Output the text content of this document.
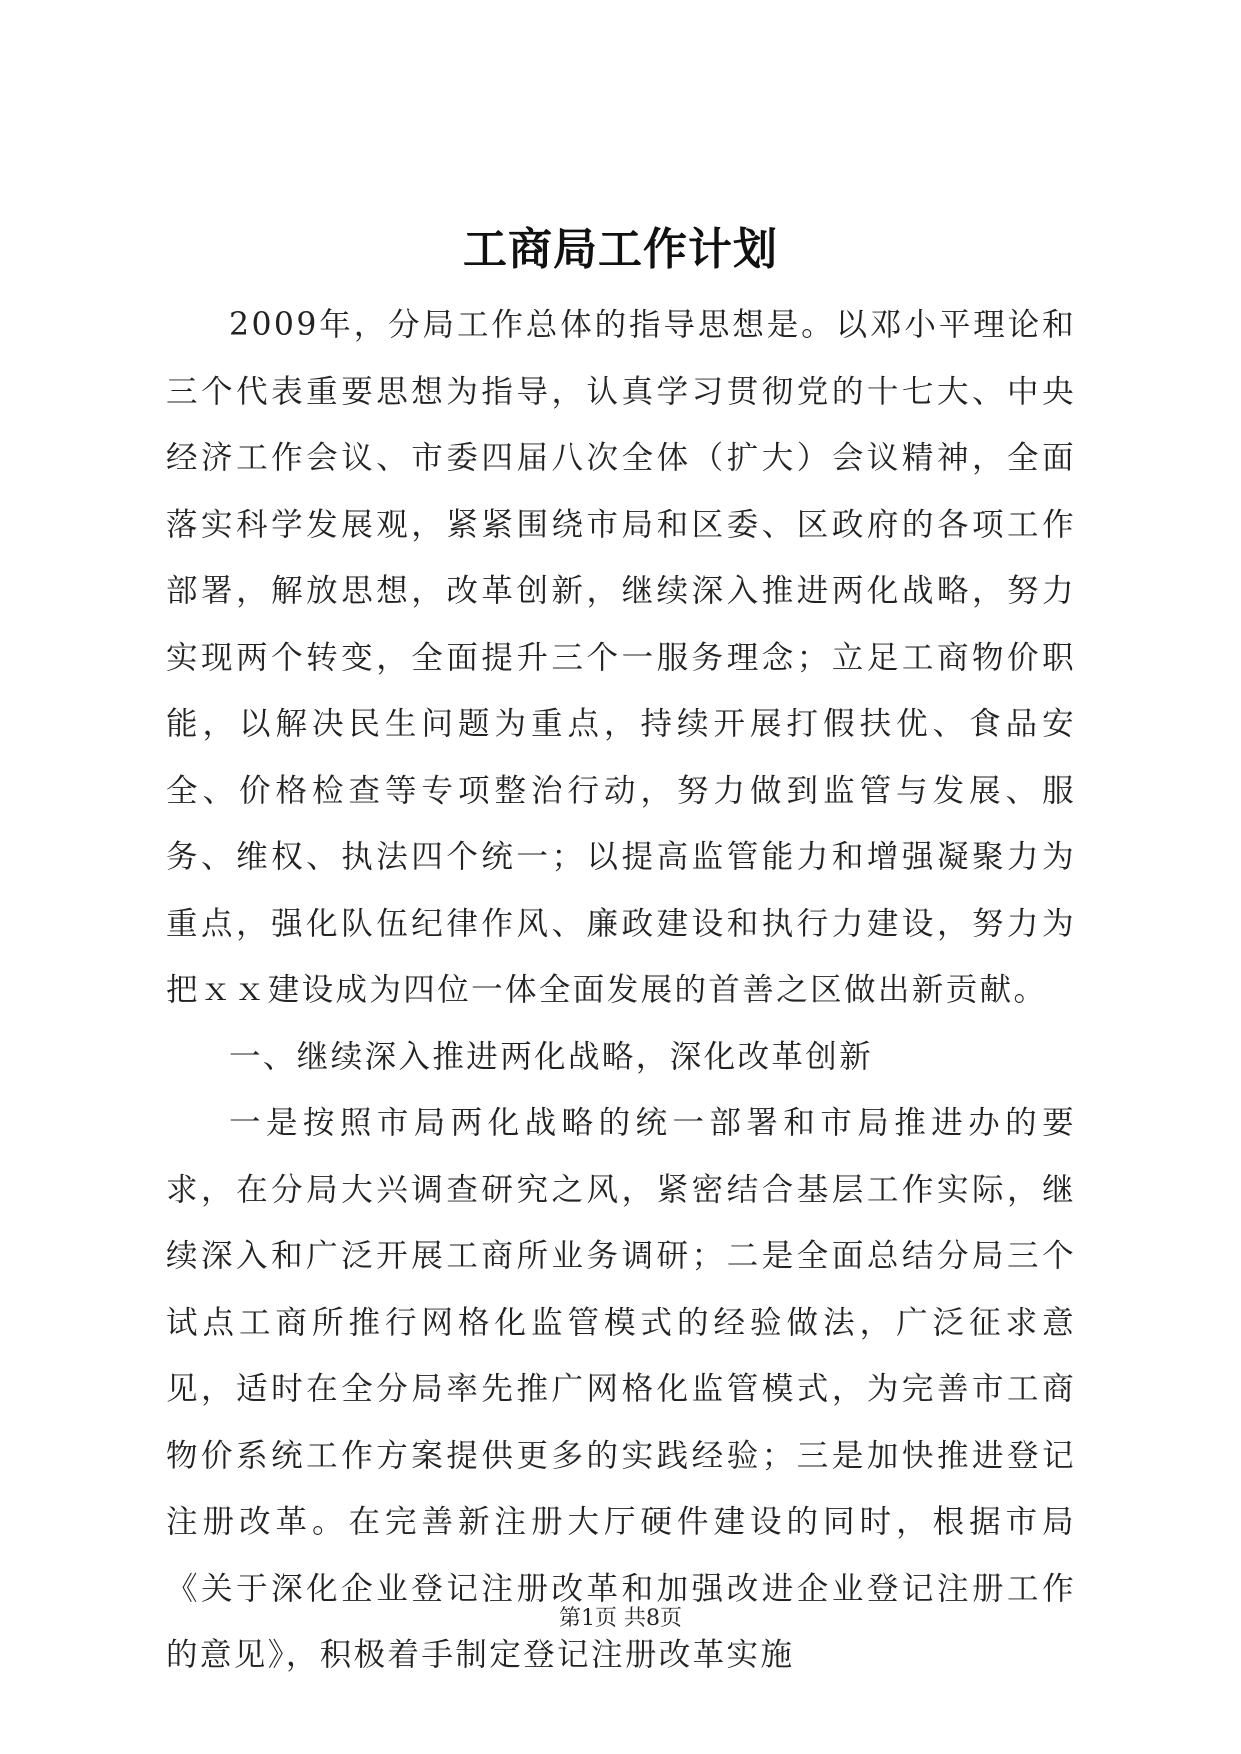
工商局工作计划

2009年，分局工作总体的指导思想是。以邓小平理论和三个代表重要思想为指导，认真学习贯彻党的十七大、中央经济工作会议、市委四届八次全体（扩大）会议精神，全面落实科学发展观，紧紧围绕市局和区委、区政府的各项工作部署，解放思想，改革创新，继续深入推进两化战略，努力实现两个转变，全面提升三个一服务理念；立足工商物价职能，以解决民生问题为重点，持续开展打假扶优、食品安全、价格检查等专项整治行动，努力做到监管与发展、服务、维权、执法四个统一；以提高监管能力和增强凝聚力为重点，强化队伍纪律作风、廉政建设和执行力建设，努力为把ｘｘ建设成为四位一体全面发展的首善之区做出新贡献。

一、继续深入推进两化战略，深化改革创新

一是按照市局两化战略的统一部署和市局推进办的要求，在分局大兴调查研究之风，紧密结合基层工作实际，继续深入和广泛开展工商所业务调研；二是全面总结分局三个试点工商所推行网格化监管模式的经验做法，广泛征求意见，适时在全分局率先推广网格化监管模式，为完善市工商物价系统工作方案提供更多的实践经验；三是加快推进登记注册改革。在完善新注册大厅硬件建设的同时，根据市局《关于深化企业登记注册改革和加强改进企业登记注册工作的意见》，积极着手制定登记注册改革实施

第1页 共8页
